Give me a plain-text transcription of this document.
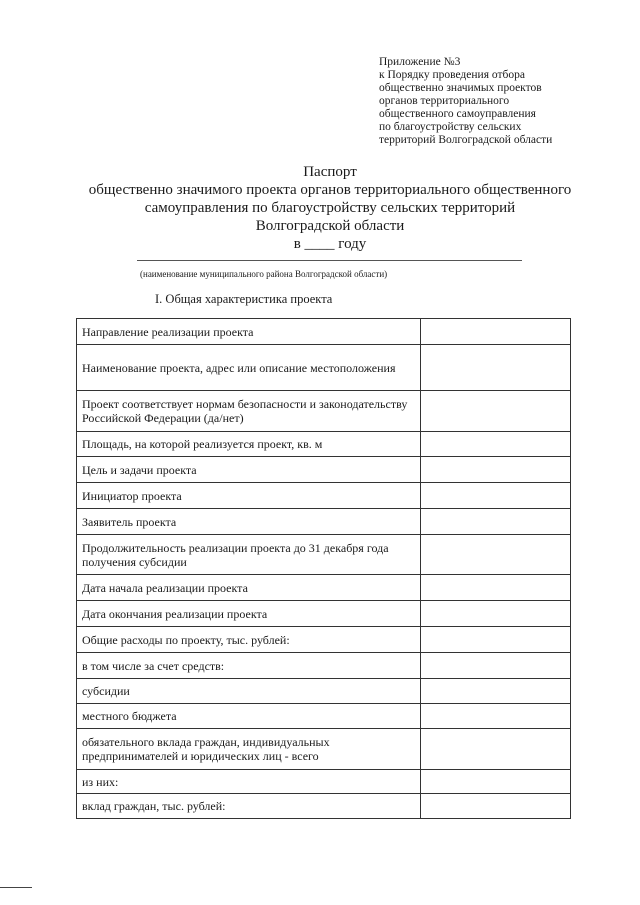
Приложение №3
к Порядку проведения отбора
общественно значимых проектов
органов территориального
общественного самоуправления
по благоустройству сельских
территорий Волгоградской области
Паспорт
общественно значимого проекта органов территориального общественного
самоуправления по благоустройству сельских территорий
Волгоградской области
в ____ году
(наименование муниципального района Волгоградской области)
I. Общая характеристика проекта
Направление реализации проекта	
Наименование проекта, адрес или описание местоположения	
Проект соответствует нормам безопасности и законодательству Российской Федерации (да/нет)	
Площадь, на которой реализуется проект, кв. м	
Цель и задачи проекта	
Инициатор проекта	
Заявитель проекта	
Продолжительность реализации проекта до 31 декабря года получения субсидии	
Дата начала реализации проекта	
Дата окончания реализации проекта	
Общие расходы по проекту, тыс. рублей:	
в том числе за счет средств:	
субсидии	
местного бюджета	
обязательного вклада граждан, индивидуальных предпринимателей и юридических лиц - всего	
из них:	
вклад граждан, тыс. рублей:	
